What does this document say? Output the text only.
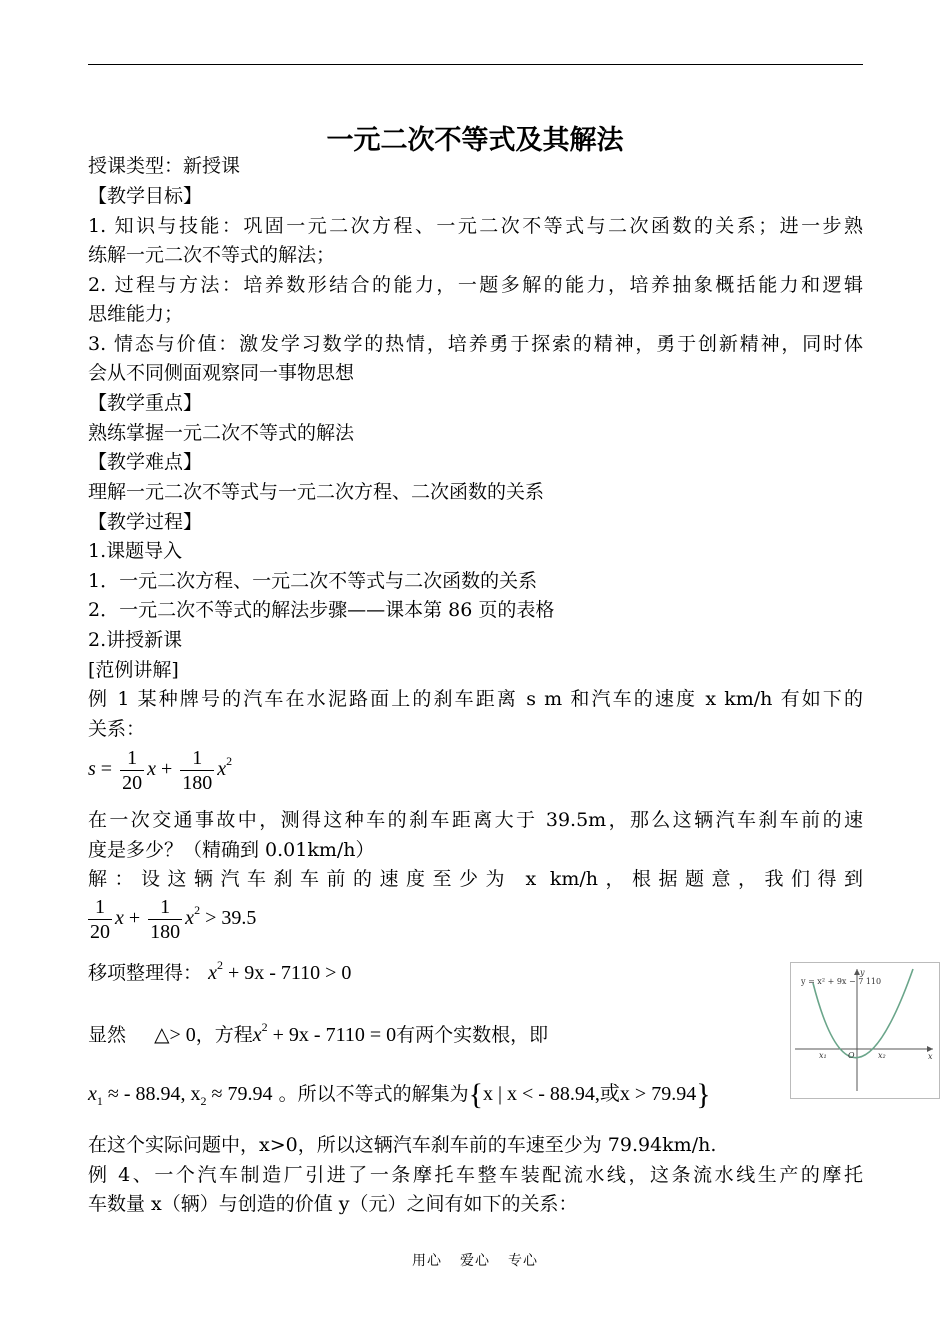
一元二次不等式及其解法
授课类型：新授课
【教学目标】
1. 知识与技能：巩固一元二次方程、一元二次不等式与二次函数的关系；进一步熟
练解一元二次不等式的解法；
2. 过程与方法：培养数形结合的能力，一题多解的能力，培养抽象概括能力和逻辑
思维能力；
3. 情态与价值：激发学习数学的热情，培养勇于探索的精神，勇于创新精神，同时体
会从不同侧面观察同一事物思想
【教学重点】
熟练掌握一元二次不等式的解法
【教学难点】
理解一元二次不等式与一元二次方程、二次函数的关系
【教学过程】
1.课题导入
1．一元二次方程、一元二次不等式与二次函数的关系
2．一元二次不等式的解法步骤——课本第 86 页的表格
2.讲授新课
[范例讲解]
例 1 某种牌号的汽车在水泥路面上的刹车距离 s m 和汽车的速度 x km/h 有如下的
关系：
$s = \frac{1}{20}$ $x + \frac{1}{180} x^2$
在一次交通事故中，测得这种车的刹车距离大于 39.5m，那么这辆汽车刹车前的速
度是多少？（精确到 0.01km/h）
解：设这辆汽车刹车前的速度至少为 x km/h，根据题意，我们得到
$\frac{1}{20}$ $x + \frac{1}{180} x^2 > 39.5$
移项整理得： $x^2 + 9x - 7110 > 0$
显然 △> 0，方程$x^2 + 9x - 7110 = 0$有两个实数根，即
$x_1$ ≈ - 88.94, $x_2 \approx 79.94$ 。所以不等式的解集为{x | x < - 88.94,或x > 79.94}
y = x² + 9x − 7 110
y
x
O
x₁	x₂
在这个实际问题中，x>0，所以这辆汽车刹车前的车速至少为 79.94km/h.
例 4、一个汽车制造厂引进了一条摩托车整车装配流水线，这条流水线生产的摩托
车数量 x（辆）与创造的价值 y（元）之间有如下的关系：
用心 爱心 专心
